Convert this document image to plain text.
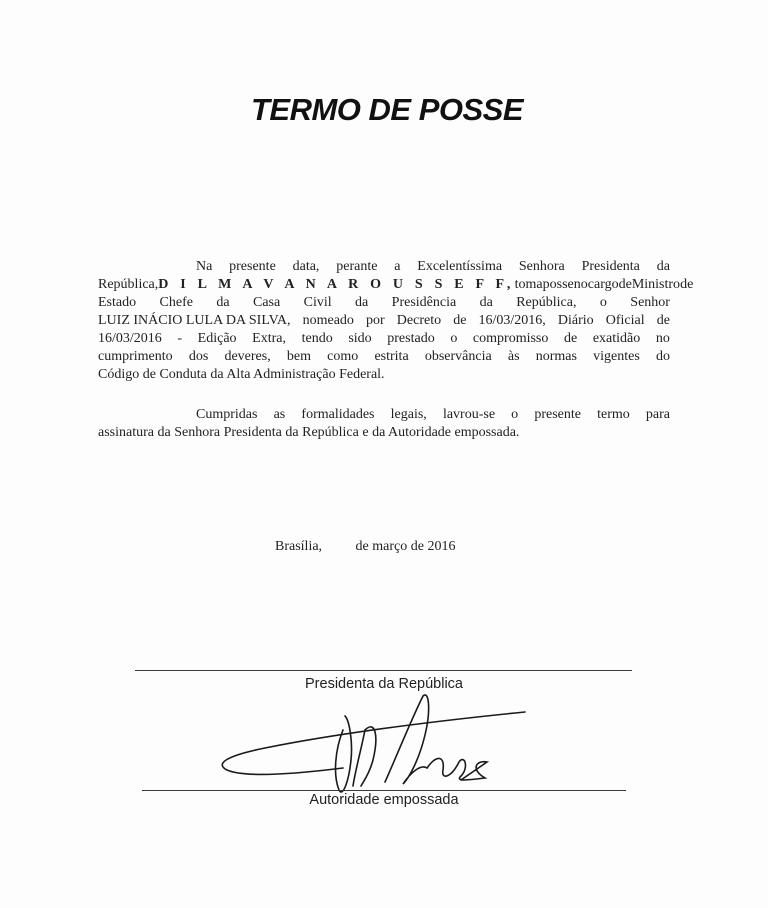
TERMO DE POSSE
Na presente data, perante a Excelentíssima Senhora Presidenta da
República, D I L M A V A N A R O U S S E F F, toma posse no cargo de Ministro de
Estado Chefe da Casa Civil da Presidência da República, o Senhor
LUIZ INÁCIO LULA DA SILVA, nomeado por Decreto de 16/03/2016, Diário Oficial de
16/03/2016 - Edição Extra, tendo sido prestado o compromisso de exatidão no
cumprimento dos deveres, bem como estrita observância às normas vigentes do
Código de Conduta da Alta Administração Federal.
Cumpridas as formalidades legais, lavrou-se o presente termo para
assinatura da Senhora Presidenta da República e da Autoridade empossada.
Brasília, de março de 2016
Presidenta da República
Autoridade empossada
